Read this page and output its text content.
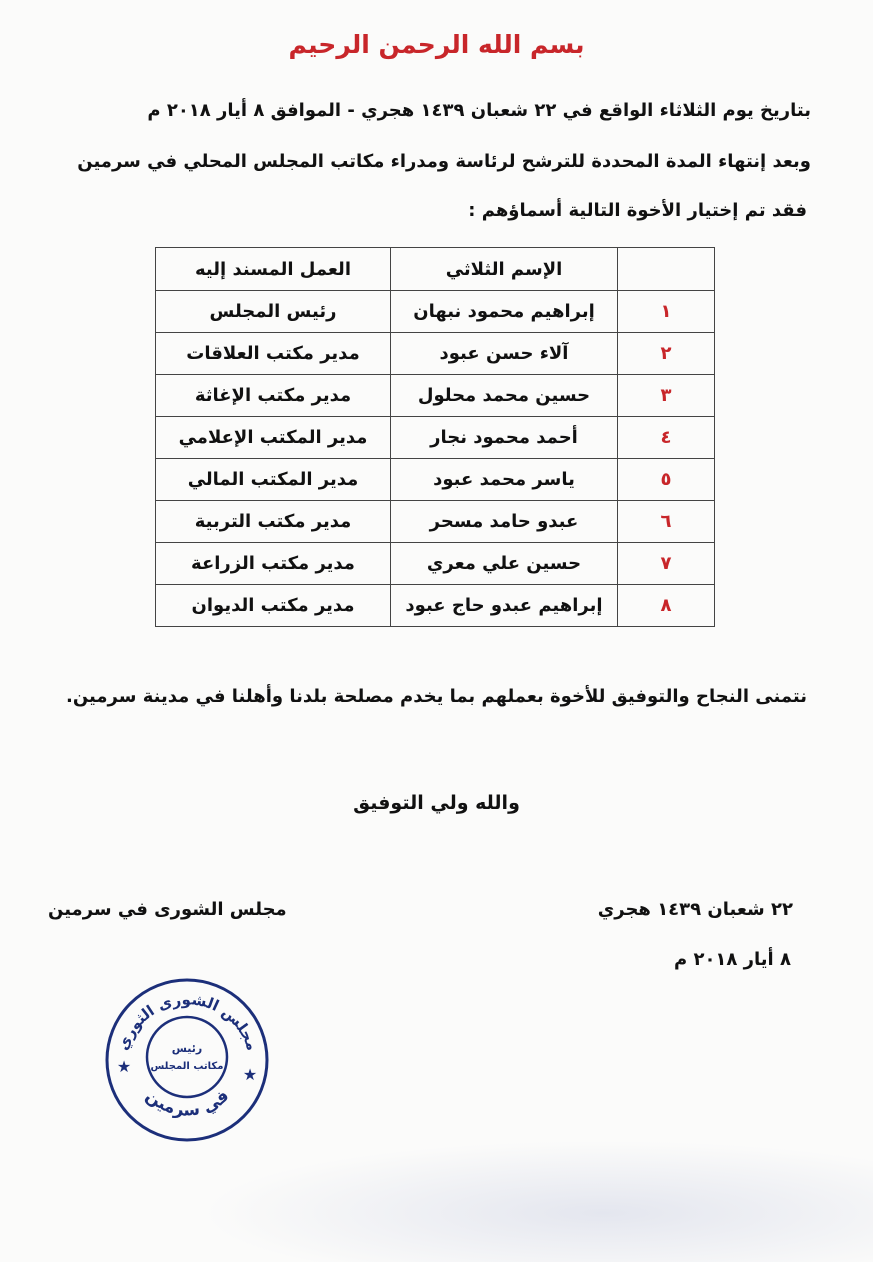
بسم الله الرحمن الرحيم
بتاريخ يوم الثلاثاء الواقع في ٢٢ شعبان ١٤٣٩ هجري - الموافق ٨ أيار ٢٠١٨ م
وبعد إنتهاء المدة المحددة للترشح لرئاسة ومدراء مكاتب المجلس المحلي في سرمين
فقد تم إختيار الأخوة التالية أسماؤهم :
	الإسم الثلاثي	العمل المسند إليه
١	إبراهيم محمود نبهان	رئيس المجلس
٢	آلاء حسن عبود	مدير مكتب العلاقات
٣	حسين محمد محلول	مدير مكتب الإغاثة
٤	أحمد محمود نجار	مدير المكتب الإعلامي
٥	ياسر محمد عبود	مدير المكتب المالي
٦	عبدو حامد مسحر	مدير مكتب التربية
٧	حسين علي معري	مدير مكتب الزراعة
٨	إبراهيم عبدو حاج عبود	مدير مكتب الديوان
نتمنى النجاح والتوفيق للأخوة بعملهم بما يخدم مصلحة بلدنا وأهلنا في مدينة سرمين.
والله ولي التوفيق
٢٢ شعبان ١٤٣٩ هجري
٨ أيار ٢٠١٨ م
مجلس الشورى في سرمين
مجلس الشورى الثوري
في سرمين
رئيس
مكاتب المجلس
★	★
